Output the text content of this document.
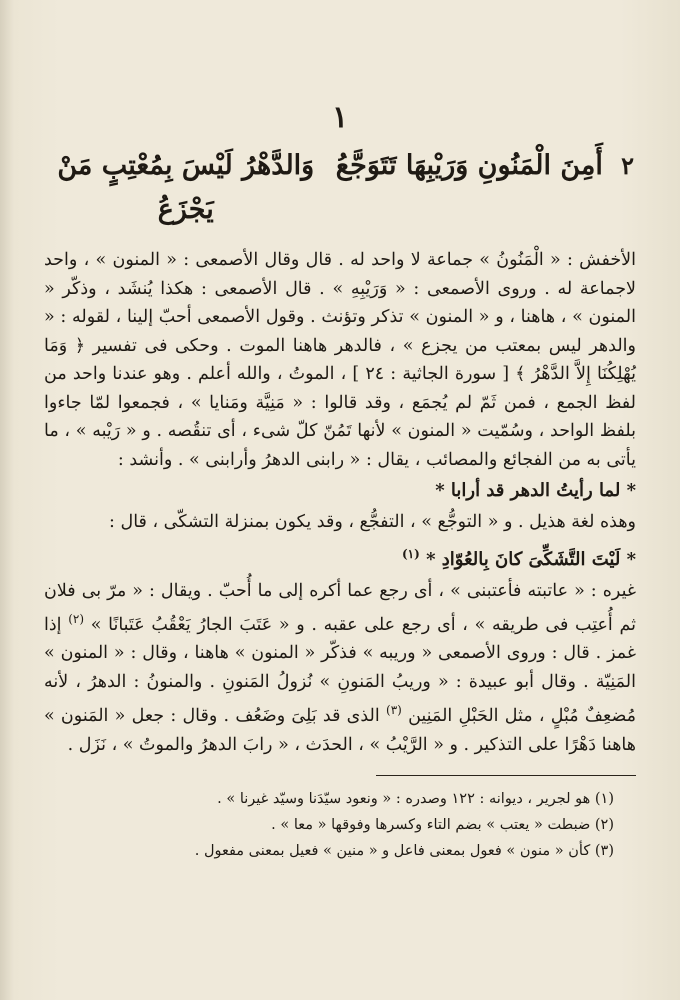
١
٢
أَمِنَ الْمَنُونِ وَرَيْبِهَا تَتَوَجَّعُ
وَالدَّهْرُ لَيْسَ بِمُعْتِبٍ مَنْ يَجْزَعُ

الأخفش : « الْمَنُونُ » جماعة لا واحد له . قال وقال الأصمعى : « المنون » ، واحد لاجماعة له . وروى الأصمعى : « وَرَيْبِهِ » . قال الأصمعى : هكذا يُنشَد ، وذكّر « المنون » ، هاهنا ، و « المنون » تذكر وتؤنث . وقول الأصمعى أحبّ إلينا ، لقوله : « والدهر ليس بمعتب من يجزع » ، فالدهر هاهنا الموت . وحكى فى تفسير ﴿ وَمَا يُهْلِكُنَا إِلاَّ الدَّهْرُ ﴾ [ سورة الجاثية : ٢٤ ] ، الموتُ ، والله أعلم . وهو عندنا واحد من لفظ الجمع ، فمن ثَمّ لم يُجمَع ، وقد قالوا : « مَنِيَّة ومَنايا » ، فجمعوا لمّا جاءوا بلفظ الواحد ، وسُمّيت « المنون » لأنها تَمُنّ كلّ شىء ، أى تنقُصه . و « رَيْبه » ، ما يأتى به من الفجائع والمصائب ، يقال : « رابنى الدهرُ وأرابنى » . وأنشد :

* لما رأيتُ الدهر قد أرابا *

وهذه لغة هذيل . و « التوجُّع » ، التفجُّع ، وقد يكون بمنزلة التشكّى ، قال :

* لَيْتَ التَّشَكِّىَ كانَ بِالعُوّادِ * $^{(١)}$

غيره : « عاتبته فأعتبنى » ، أى رجع عما أكره إلى ما أُحبّ . ويقال : « مرّ بى فلان ثم أُعتِب فى طريقه » ، أى رجع على عقبه . و « عَتَبَ الجارُ يَعْقُبُ عَتَبانًا » $^{(٢)}$ إذا غمز . قال : وروى الأصمعى « وريبه » فذكّر « المنون » هاهنا ، وقال : « المنون » المَنِيّة . وقال أبو عبيدة : « وريبُ المَنونِ » نُزولُ المَنونِ . والمنونُ : الدهرُ ، لأنه مُضعِفٌ مُبْلٍ ، مثل الحَبْلِ المَنِين $^{(٣)}$ الذى قد بَلِىَ وضَعُف . وقال : جعل « المَنون » هاهنا دَهْرًا على التذكير . و « الرَّيْبُ » ، الحدَث ، « رابَ الدهرُ والموتُ » ، نَزَل .

(١) هو لجرير ، ديوانه : ١٢٢ وصدره : « ونعود سيّدَنا وسيّد غيرنا » .

(٢) ضبطت « يعتب » بضم التاء وكسرها وفوقها « معا » .

(٣) كأن « منون » فعول بمعنى فاعل و « منين » فعيل بمعنى مفعول .
